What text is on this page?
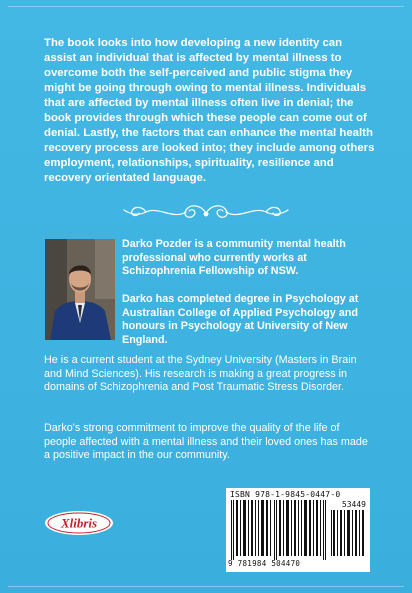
The book looks into how developing a new identity can assist an individual that is affected by mental illness to overcome both the self-perceived and public stigma they might be going through owing to mental illness. Individuals that are affected by mental illness often live in denial; the book provides through which these people can come out of denial. Lastly, the factors that can enhance the mental health recovery process are looked into; they include among others employment, relationships, spirituality, resilience and recovery orientated language.
Darko Pozder is a community mental health professional who currently works at Schizophrenia Fellowship of NSW.
Darko has completed degree in Psychology at Australian College of Applied Psychology and honours in Psychology at University of New England.
He is a current student at the Sydney University (Masters in Brain and Mind Sciences). His research is making a great progress in domains of Schizophrenia and Post Traumatic Stress Disorder.
Darko's strong commitment to improve the quality of the life of people affected with a mental illness and their loved ones has made a positive impact in the our community.
Xlibris
ISBN 978-1-9845-0447-0
53449
9 781984 504470
